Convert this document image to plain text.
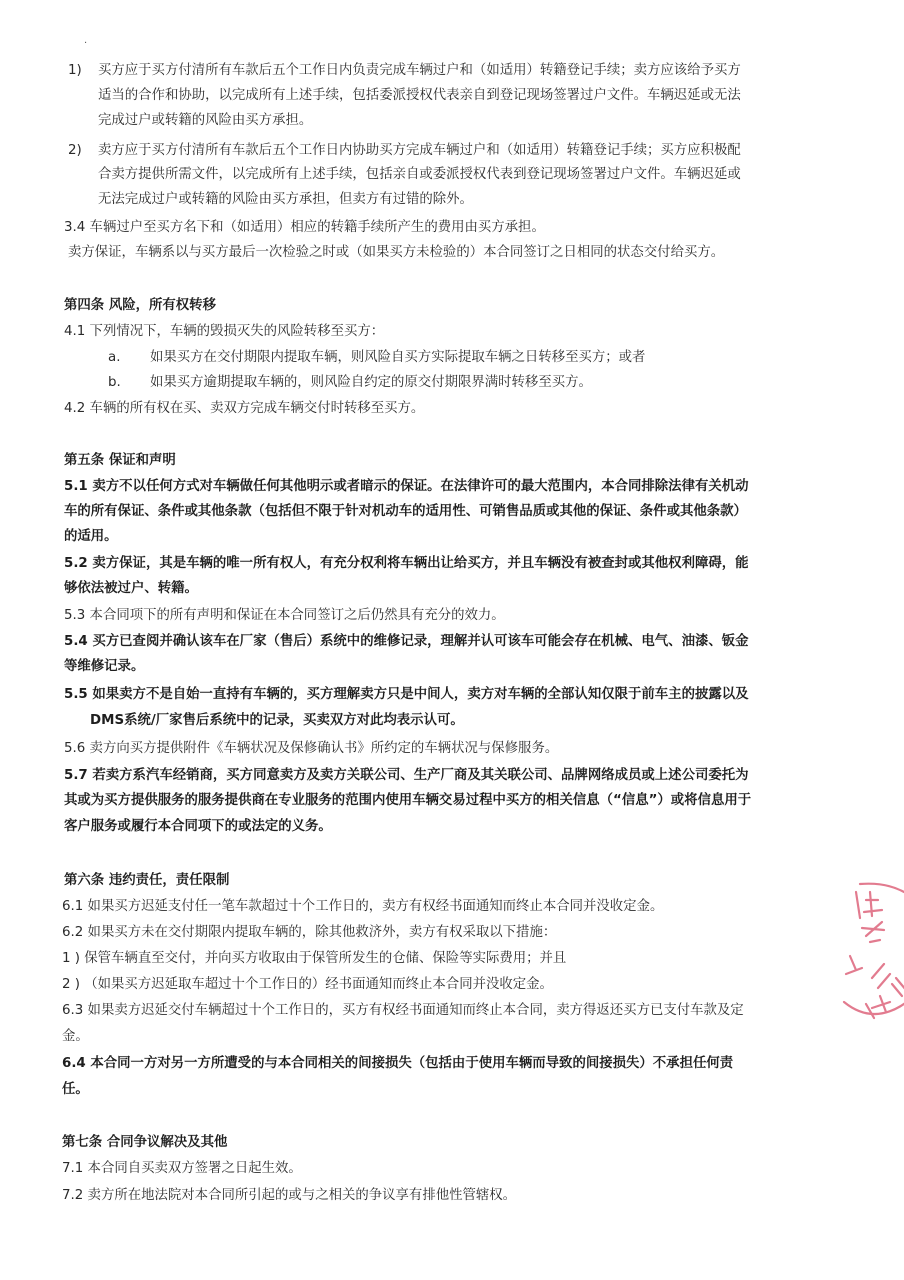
·
1) 买方应于买方付清所有车款后五个工作日内负责完成车辆过户和（如适用）转籍登记手续；卖方应该给予买方
适当的合作和协助，以完成所有上述手续，包括委派授权代表亲自到登记现场签署过户文件。车辆迟延或无法
完成过户或转籍的风险由买方承担。
2) 卖方应于买方付清所有车款后五个工作日内协助买方完成车辆过户和（如适用）转籍登记手续；买方应积极配
合卖方提供所需文件，以完成所有上述手续，包括亲自或委派授权代表到登记现场签署过户文件。车辆迟延或
无法完成过户或转籍的风险由买方承担，但卖方有过错的除外。
3.4 车辆过户至买方名下和（如适用）相应的转籍手续所产生的费用由买方承担。
卖方保证，车辆系以与买方最后一次检验之时或（如果买方未检验的）本合同签订之日相同的状态交付给买方。
第四条 风险，所有权转移
4.1 下列情况下，车辆的毁损灭失的风险转移至买方：
a. 如果买方在交付期限内提取车辆，则风险自买方实际提取车辆之日转移至买方；或者
b. 如果买方逾期提取车辆的，则风险自约定的原交付期限界满时转移至买方。
4.2 车辆的所有权在买、卖双方完成车辆交付时转移至买方。
第五条 保证和声明
5.1 卖方不以任何方式对车辆做任何其他明示或者暗示的保证。在法律许可的最大范围内，本合同排除法律有关机动
车的所有保证、条件或其他条款（包括但不限于针对机动车的适用性、可销售品质或其他的保证、条件或其他条款）
的适用。
5.2 卖方保证，其是车辆的唯一所有权人，有充分权利将车辆出让给买方，并且车辆没有被查封或其他权利障碍，能
够依法被过户、转籍。
5.3 本合同项下的所有声明和保证在本合同签订之后仍然具有充分的效力。
5.4 买方已查阅并确认该车在厂家（售后）系统中的维修记录，理解并认可该车可能会存在机械、电气、油漆、钣金
等维修记录。
5.5 如果卖方不是自始一直持有车辆的，买方理解卖方只是中间人，卖方对车辆的全部认知仅限于前车主的披露以及
DMS系统/厂家售后系统中的记录，买卖双方对此均表示认可。
5.6 卖方向买方提供附件《车辆状况及保修确认书》所约定的车辆状况与保修服务。
5.7 若卖方系汽车经销商，买方同意卖方及卖方关联公司、生产厂商及其关联公司、品牌网络成员或上述公司委托为
其或为买方提供服务的服务提供商在专业服务的范围内使用车辆交易过程中买方的相关信息（“信息”）或将信息用于
客户服务或履行本合同项下的或法定的义务。
第六条 违约责任，责任限制
6.1 如果买方迟延支付任一笔车款超过十个工作日的，卖方有权经书面通知而终止本合同并没收定金。
6.2 如果买方未在交付期限内提取车辆的，除其他救济外，卖方有权采取以下措施：
1 ) 保管车辆直至交付，并向买方收取由于保管所发生的仓储、保险等实际费用；并且
2 ) （如果买方迟延取车超过十个工作日的）经书面通知而终止本合同并没收定金。
6.3 如果卖方迟延交付车辆超过十个工作日的，买方有权经书面通知而终止本合同，卖方得返还买方已支付车款及定
金。
6.4 本合同一方对另一方所遭受的与本合同相关的间接损失（包括由于使用车辆而导致的间接损失）不承担任何责
任。
第七条 合同争议解决及其他
7.1 本合同自买卖双方签署之日起生效。
7.2 卖方所在地法院对本合同所引起的或与之相关的争议享有排他性管辖权。
